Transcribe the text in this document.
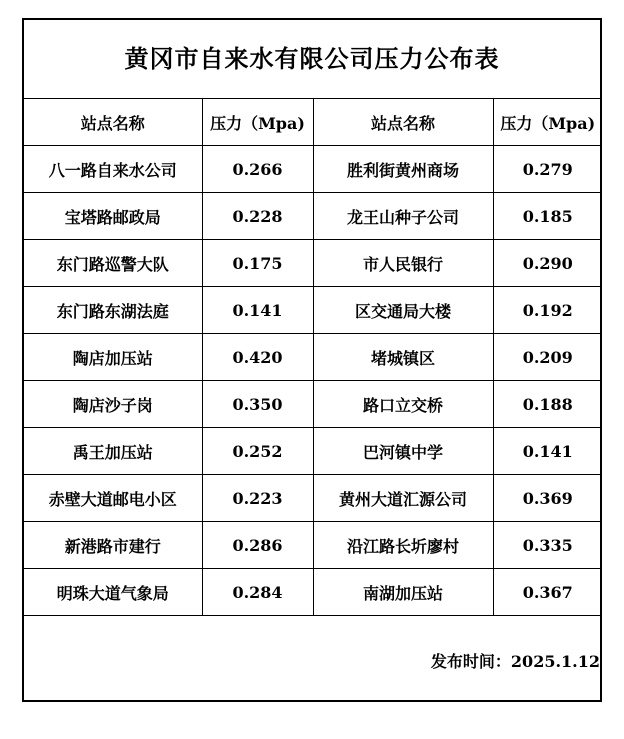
黄冈市自来水有限公司压力公布表
站点名称	压力（Mpa)	站点名称	压力（Mpa)
八一路自来水公司	0.266	胜利街黄州商场	0.279
宝塔路邮政局	0.228	龙王山种子公司	0.185
东门路巡警大队	0.175	市人民银行	0.290
东门路东湖法庭	0.141	区交通局大楼	0.192
陶店加压站	0.420	堵城镇区	0.209
陶店沙子岗	0.350	路口立交桥	0.188
禹王加压站	0.252	巴河镇中学	0.141
赤壁大道邮电小区	0.223	黄州大道汇源公司	0.369
新港路市建行	0.286	沿江路长圻廖村	0.335
明珠大道气象局	0.284	南湖加压站	0.367
发布时间：2025.1.12
